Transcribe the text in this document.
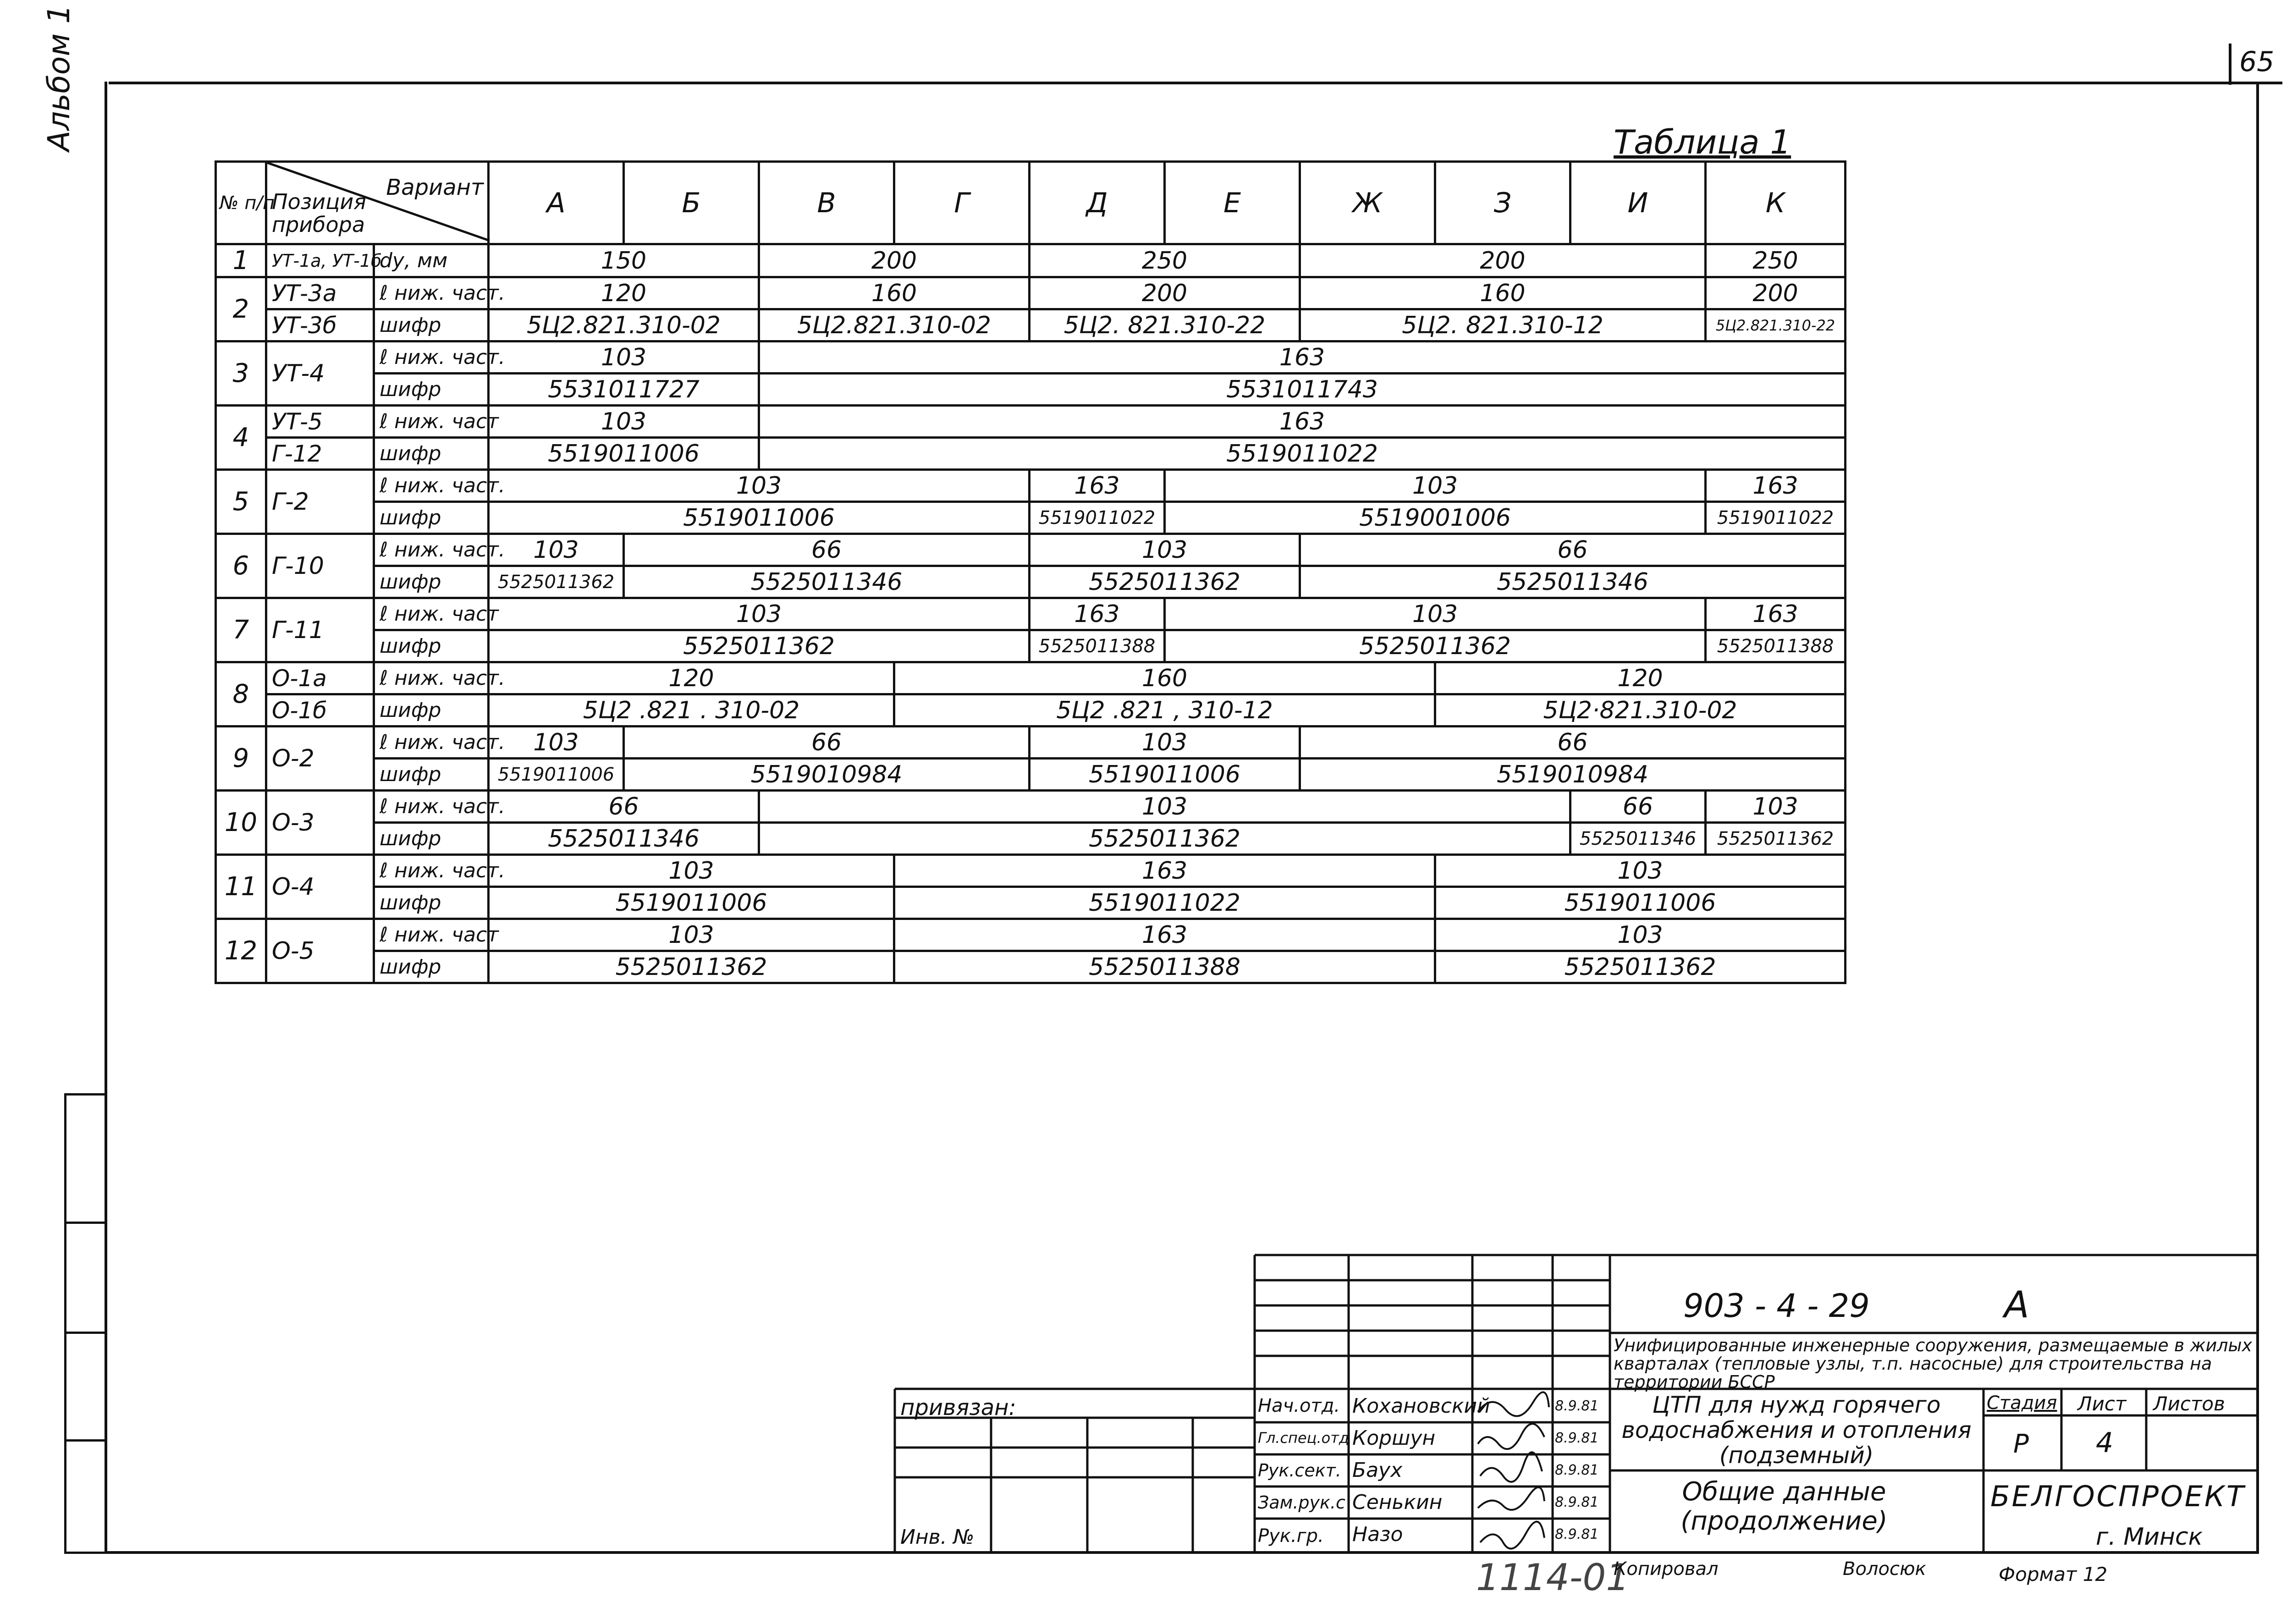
65
Альбом 1	Таблица 1
№ п/п	Вариант
Позиция прибора		А	Б	В	Г	Д	Е	Ж	З	И	К
1	УТ-1а, УТ-1б	dу, мм	150		200		250		200			250
2	УТ-3а	ℓ ниж. част.	120		160		200		160			200
	УТ-3б	шифр	5Ц2.821.310-02		5Ц2.821.310-02		5Ц2. 821.310-22		5Ц2. 821.310-12			5Ц2.821.310-22
3	УТ-4	ℓ ниж. част.	103		163							
		шифр	5531011727		5531011743							
4	УТ-5	ℓ ниж. част	103		163							
	Г-12	шифр	5519011006		5519011022							
5	Г-2	ℓ ниж. част.	103				163	103				163
		шифр	5519011006				5519011022	5519001006				5519011022
6	Г-10	ℓ ниж. част.	103	66			103		66			
		шифр	5525011362	5525011346			5525011362		5525011346			
7	Г-11	ℓ ниж. част	103				163	103				163
		шифр	5525011362				5525011388	5525011362				5525011388
8	О-1а	ℓ ниж. част.	120			160				120		
	О-1б	шифр	5Ц2 .821 . 310-02			5Ц2 .821 , 310-12				5Ц2·821.310-02		
9	О-2	ℓ ниж. част.	103	66			103		66			
		шифр	5519011006	5519010984			5519011006		5519010984			
10	О-3	ℓ ниж. част.	66		103						66	103
		шифр	5525011346		5525011362						5525011346	5525011362
11	О-4	ℓ ниж. част.	103			163				103		
		шифр	5519011006			5519011022				5519011006		
12	О-5	ℓ ниж. част	103			163				103		
		шифр	5525011362			5525011388				5525011362		
привязан:
Инв. №
Нач.отд. Кохановский	8.9.81
Гл.спец.отд Коршун	8.9.81
Рук.сект. Баух	8.9.81
Зам.рук.с Сенькин	8.9.81
Рук.гр. Назо	8.9.81
903 - 4 - 29	А
Унифицированные инженерные сооружения, размещаемые в жилых кварталах (тепловые узлы, т.п. насосные) для строительства на территории БССР
ЦТП для нужд горячего водоснабжения и отопления (подземный)
Общие данные (продолжение)
Стадия Лист Листов
Р 4
БЕЛГОСПРОЕКТ
г. Минск
1114-01
Копировал	Волосюк	Формат 12
